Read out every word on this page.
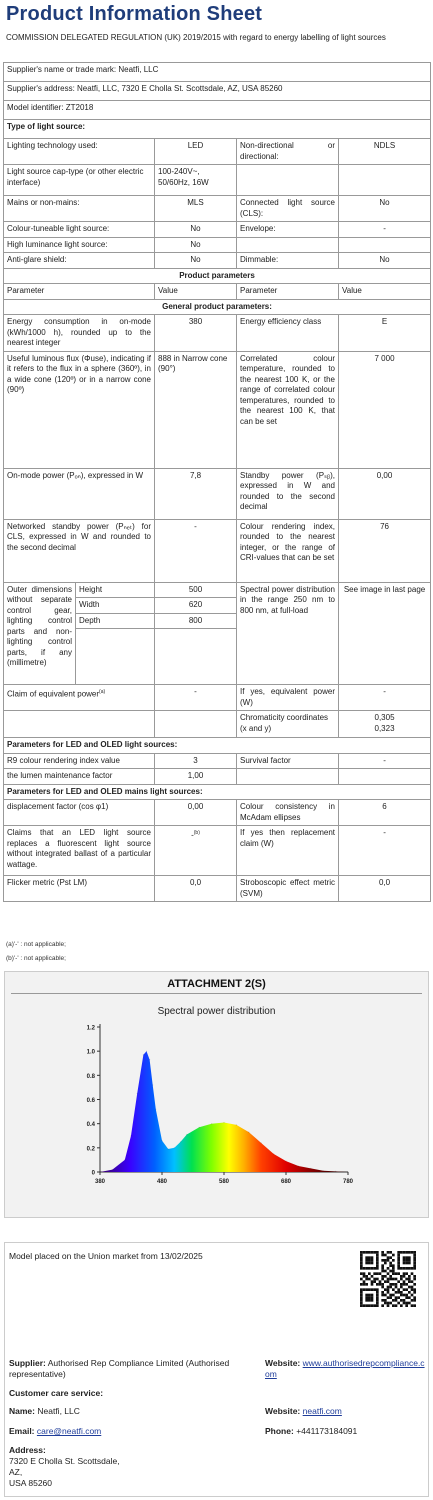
Product Information Sheet
COMMISSION DELEGATED REGULATION (UK) 2019/2015 with regard to energy labelling of light sources
Supplier's name or trade mark: Neatfi, LLC				
Supplier's address: Neatfi, LLC, 7320 E Cholla St. Scottsdale, AZ, USA 85260				
Model identifier: ZT2018				
Type of light source:				
Lighting technology used:		LED	Non-directional or directional:	NDLS
Light source cap-type (or other electric interface)		100-240V~, 50/60Hz, 16W		
Mains or non-mains:		MLS	Connected light source (CLS):	No
Colour-tuneable light source:		No	Envelope:	-
High luminance light source:		No		
Anti-glare shield:		No	Dimmable:	No
Product parameters				
Parameter		Value	Parameter	Value
General product parameters:				
Energy consumption in on-mode (kWh/1000 h), rounded up to the nearest integer		380	Energy efficiency class	E
Useful luminous flux (Φuse), indicating if it refers to the flux in a sphere (360º), in a wide cone (120º) or in a narrow cone (90º)		888 in Narrow cone (90°)	Correlated colour temperature, rounded to the nearest 100 K, or the range of correlated colour temperatures, rounded to the nearest 100 K, that can be set	7 000
On-mode power (Pₒₙ), expressed in W		7,8	Standby power (Pₛᵦ), expressed in W and rounded to the second decimal	0,00
Networked standby power (Pₙₑₜ) for CLS, expressed in W and rounded to the second decimal		-	Colour rendering index, rounded to the nearest integer, or the range of CRI-values that can be set	76
Outer dimensions without separate control gear, lighting control parts and non-lighting control parts, if any (millimetre)	Height	500	Spectral power distribution in the range 250 nm to 800 nm, at full-load	See image in last page
	Width	620		
	Depth	800		

Claim of equivalent power$^{(a)}$		-	If yes, equivalent power (W)	-
			Chromaticity coordinates (x and y)	0,305
0,323

Parameters for LED and OLED light sources:				
R9 colour rendering index value		3	Survival factor	-
the lumen maintenance factor		1,00		
Parameters for LED and OLED mains light sources:				
displacement factor (cos φ1)		0,00	Colour consistency in McAdam ellipses	6
Claims that an LED light source replaces a fluorescent light source without integrated ballast of a particular wattage.		-$^{(b)}$	If yes then replacement claim (W)	-
Flicker metric (Pst LM)		0,0	Stroboscopic effect metric (SVM)	0,0
(a)'-' : not applicable;
(b)'-' : not applicable;
ATTACHMENT 2(S)
Spectral power distribution
0
0.2
0.4
0.6
0.8
1.0
1.2
380	480	580	680	780
Model placed on the Union market from 13/02/2025
Supplier: Authorised Rep Compliance Limited (Authorised representative)
Website: www.authorisedrepcompliance.com
Customer care service:
Name: Neatfi, LLC	Website: neatfi.com
Email: care@neatfi.com	Phone: +441173184091
Address:
7320 E Cholla St. Scottsdale,
AZ,
USA 85260
